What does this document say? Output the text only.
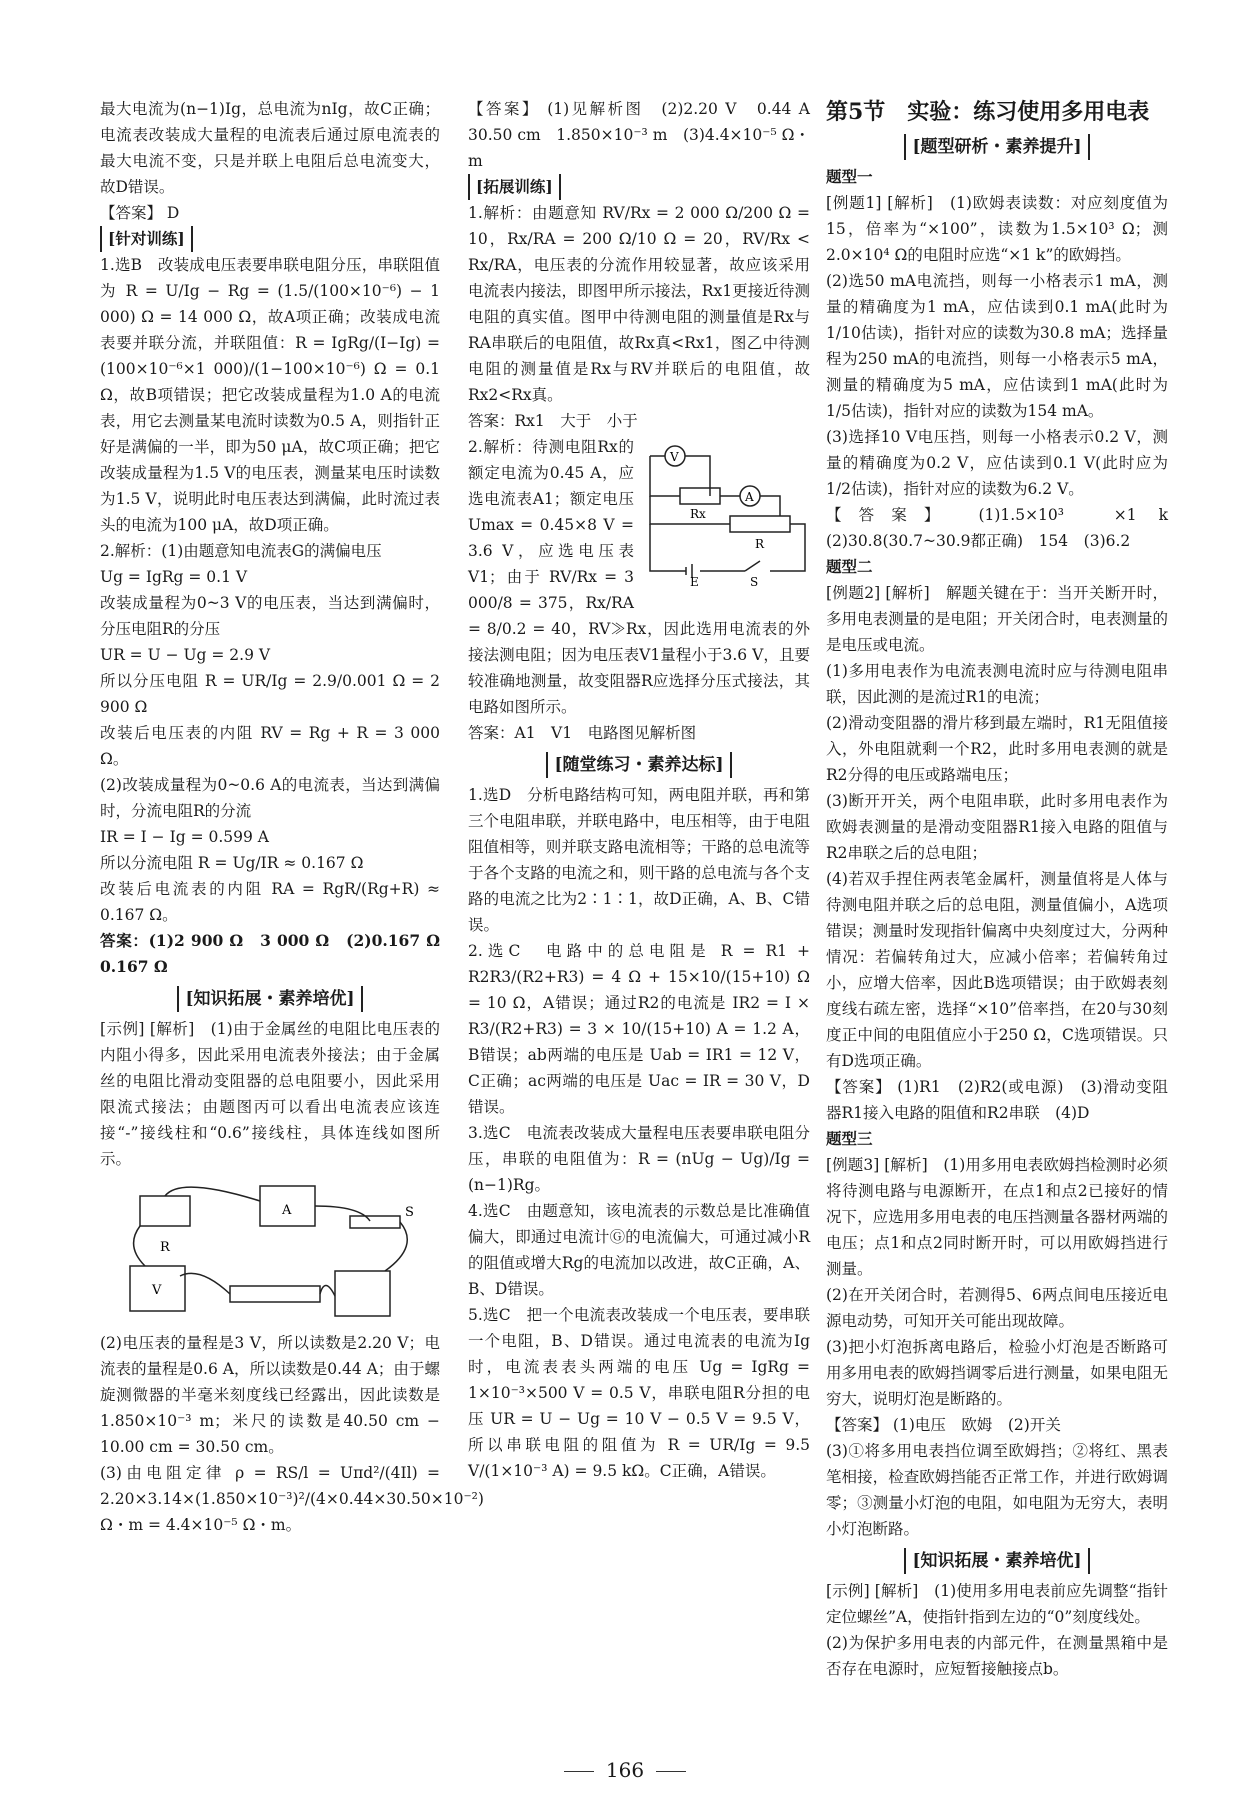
最大电流为(n−1)Ig，总电流为nIg，故C正确；电流表改装成大量程的电流表后通过原电流表的最大电流不变，只是并联上电阻后总电流变大，故D错误。

【答案】 D

[针对训练]

1.选B　改装成电压表要串联电阻分压，串联阻值为 R = U/Ig − Rg = (1.5/(100×10⁻⁶) − 1 000) Ω = 14 000 Ω，故A项正确；改装成电流表要并联分流，并联阻值：R = IgRg/(I−Ig) = (100×10⁻⁶×1 000)/(1−100×10⁻⁶) Ω = 0.1 Ω，故B项错误；把它改装成量程为1.0 A的电流表，用它去测量某电流时读数为0.5 A，则指针正好是满偏的一半，即为50 μA，故C项正确；把它改装成量程为1.5 V的电压表，测量某电压时读数为1.5 V，说明此时电压表达到满偏，此时流过表头的电流为100 μA，故D项正确。

2.解析：(1)由题意知电流表G的满偏电压

Ug = IgRg = 0.1 V

改装成量程为0~3 V的电压表，当达到满偏时，分压电阻R的分压

UR = U − Ug = 2.9 V

所以分压电阻 R = UR/Ig = 2.9/0.001 Ω = 2 900 Ω

改装后电压表的内阻 RV = Rg + R = 3 000 Ω。

(2)改装成量程为0~0.6 A的电流表，当达到满偏时，分流电阻R的分流

IR = I − Ig = 0.599 A

所以分流电阻 R = Ug/IR ≈ 0.167 Ω

改装后电流表的内阻 RA = RgR/(Rg+R) ≈ 0.167 Ω。

答案：(1)2 900 Ω　3 000 Ω　(2)0.167 Ω　0.167 Ω

[知识拓展・素养培优]

[示例] [解析]　(1)由于金属丝的电阻比电压表的内阻小得多，因此采用电流表外接法；由于金属丝的电阻比滑动变阻器的总电阻要小，因此采用限流式接法；由题图丙可以看出电流表应该连接“-”接线柱和“0.6”接线柱，具体连线如图所示。

R
A	S
V

(2)电压表的量程是3 V，所以读数是2.20 V；电流表的量程是0.6 A，所以读数是0.44 A；由于螺旋测微器的半毫米刻度线已经露出，因此读数是1.850×10⁻³ m；米尺的读数是40.50 cm − 10.00 cm = 30.50 cm。

(3)由电阻定律 ρ = RS/l = Uπd²/(4Il) = 2.20×3.14×(1.850×10⁻³)²/(4×0.44×30.50×10⁻²) Ω・m = 4.4×10⁻⁵ Ω・m。

【答案】 (1)见解析图　(2)2.20 V　0.44 A　30.50 cm　1.850×10⁻³ m　(3)4.4×10⁻⁵ Ω・m

[拓展训练]

1.解析：由题意知 RV/Rx = 2 000 Ω/200 Ω = 10，Rx/RA = 200 Ω/10 Ω = 20，RV/Rx < Rx/RA，电压表的分流作用较显著，故应该采用电流表内接法，即图甲所示接法，Rx1更接近待测电阻的真实值。图甲中待测电阻的测量值是Rx与RA串联后的电阻值，故Rx真<Rx1，图乙中待测电阻的测量值是Rx与RV并联后的电阻值，故Rx2<Rx真。

答案：Rx1　大于　小于

V
A
Rx
R
E	S

2.解析：待测电阻Rx的额定电流为0.45 A，应选电流表A1；额定电压Umax = 0.45×8 V = 3.6 V，应选电压表V1；由于 RV/Rx = 3 000/8 = 375，Rx/RA = 8/0.2 = 40，RV≫Rx，因此选用电流表的外接法测电阻；因为电压表V1量程小于3.6 V，且要较准确地测量，故变阻器R应选择分压式接法，其电路如图所示。

答案：A1　V1　电路图见解析图

[随堂练习・素养达标]

1.选D　分析电路结构可知，两电阻并联，再和第三个电阻串联，并联电路中，电压相等，由于电阻阻值相等，则并联支路电流相等；干路的总电流等于各个支路的电流之和，则干路的总电流与各个支路的电流之比为2∶1∶1，故D正确，A、B、C错误。

2.选C　电路中的总电阻是 R = R1 + R2R3/(R2+R3) = 4 Ω + 15×10/(15+10) Ω = 10 Ω，A错误；通过R2的电流是 IR2 = I × R3/(R2+R3) = 3 × 10/(15+10) A = 1.2 A，B错误；ab两端的电压是 Uab = IR1 = 12 V，C正确；ac两端的电压是 Uac = IR = 30 V，D错误。

3.选C　电流表改装成大量程电压表要串联电阻分压，串联的电阻值为：R = (nUg − Ug)/Ig = (n−1)Rg。

4.选C　由题意知，该电流表的示数总是比准确值偏大，即通过电流计Ⓖ的电流偏大，可通过减小R的阻值或增大Rg的电流加以改进，故C正确，A、B、D错误。

5.选C　把一个电流表改装成一个电压表，要串联一个电阻，B、D错误。通过电流表的电流为Ig时，电流表表头两端的电压 Ug = IgRg = 1×10⁻³×500 V = 0.5 V，串联电阻R分担的电压 UR = U − Ug = 10 V − 0.5 V = 9.5 V，所以串联电阻的阻值为 R = UR/Ig = 9.5 V/(1×10⁻³ A) = 9.5 kΩ。C正确，A错误。

第5节　实验：练习使用多用电表
[题型研析・素养提升]
题型一

[例题1] [解析]　(1)欧姆表读数：对应刻度值为15，倍率为“×100”，读数为1.5×10³ Ω；测2.0×10⁴ Ω的电阻时应选“×1 k”的欧姆挡。

(2)选50 mA电流挡，则每一小格表示1 mA，测量的精确度为1 mA，应估读到0.1 mA(此时为1/10估读)，指针对应的读数为30.8 mA；选择量程为250 mA的电流挡，则每一小格表示5 mA，测量的精确度为5 mA，应估读到1 mA(此时为1/5估读)，指针对应的读数为154 mA。

(3)选择10 V电压挡，则每一小格表示0.2 V，测量的精确度为0.2 V，应估读到0.1 V(此时应为1/2估读)，指针对应的读数为6.2 V。

【答案】 (1)1.5×10³　×1 k　(2)30.8(30.7~30.9都正确)　154　(3)6.2

题型二

[例题2] [解析]　解题关键在于：当开关断开时，多用电表测量的是电阻；开关闭合时，电表测量的是电压或电流。

(1)多用电表作为电流表测电流时应与待测电阻串联，因此测的是流过R1的电流；

(2)滑动变阻器的滑片移到最左端时，R1无阻值接入，外电阻就剩一个R2，此时多用电表测的就是R2分得的电压或路端电压；

(3)断开开关，两个电阻串联，此时多用电表作为欧姆表测量的是滑动变阻器R1接入电路的阻值与R2串联之后的总电阻；

(4)若双手捏住两表笔金属杆，测量值将是人体与待测电阻并联之后的总电阻，测量值偏小，A选项错误；测量时发现指针偏离中央刻度过大，分两种情况：若偏转角过大，应减小倍率；若偏转角过小，应增大倍率，因此B选项错误；由于欧姆表刻度线右疏左密，选择“×10”倍率挡，在20与30刻度正中间的电阻值应小于250 Ω，C选项错误。只有D选项正确。

【答案】 (1)R1　(2)R2(或电源)　(3)滑动变阻器R1接入电路的阻值和R2串联　(4)D

题型三

[例题3] [解析]　(1)用多用电表欧姆挡检测时必须将待测电路与电源断开，在点1和点2已接好的情况下，应选用多用电表的电压挡测量各器材两端的电压；点1和点2同时断开时，可以用欧姆挡进行测量。

(2)在开关闭合时，若测得5、6两点间电压接近电源电动势，可知开关可能出现故障。

(3)把小灯泡拆离电路后，检验小灯泡是否断路可用多用电表的欧姆挡调零后进行测量，如果电阻无穷大，说明灯泡是断路的。

【答案】 (1)电压　欧姆　(2)开关

(3)①将多用电表挡位调至欧姆挡；②将红、黑表笔相接，检查欧姆挡能否正常工作，并进行欧姆调零；③测量小灯泡的电阻，如电阻为无穷大，表明小灯泡断路。

[知识拓展・素养培优]

[示例] [解析]　(1)使用多用电表前应先调整“指针定位螺丝”A，使指针指到左边的“0”刻度线处。

(2)为保护多用电表的内部元件，在测量黑箱中是否存在电源时，应短暂接触接点b。

166
